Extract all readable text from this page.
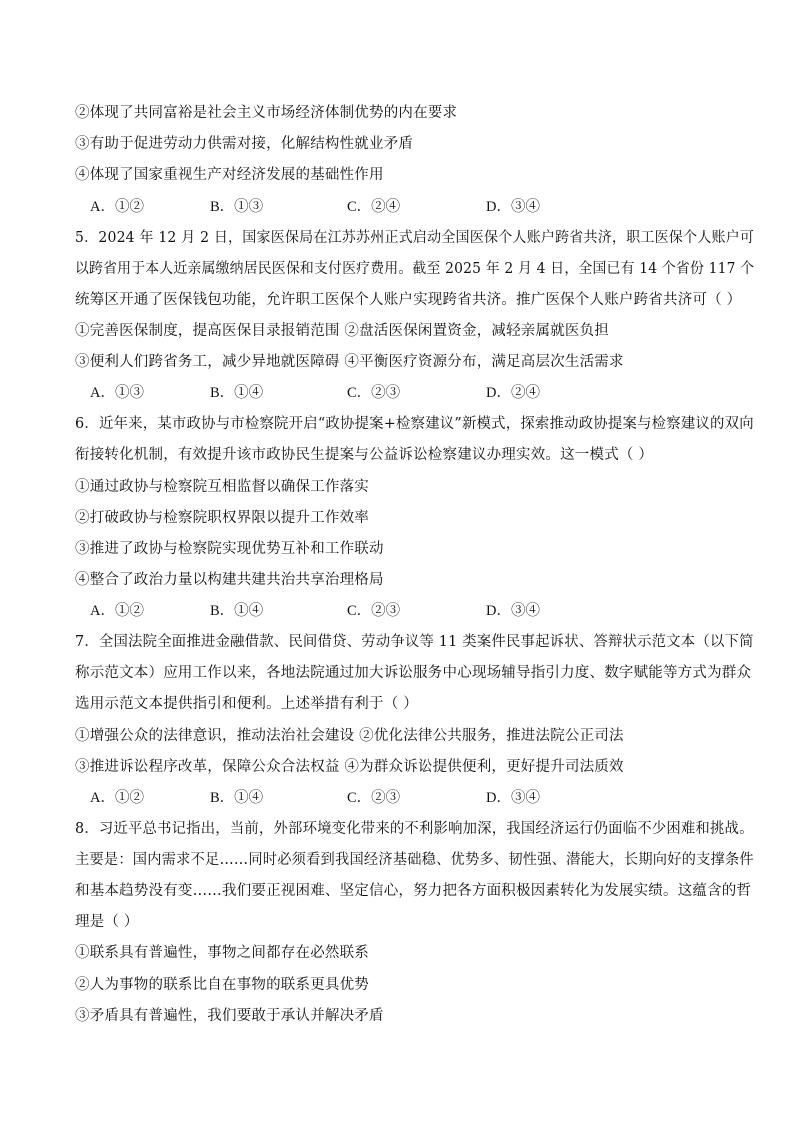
②体现了共同富裕是社会主义市场经济体制优势的内在要求
③有助于促进劳动力供需对接，化解结构性就业矛盾
④体现了国家重视生产对经济发展的基础性作用
A．①②	B．①③	C．②④	D．③④
5．2024 年 12 月 2 日，国家医保局在江苏苏州正式启动全国医保个人账户跨省共济，职工医保个人账户可
以跨省用于本人近亲属缴纳居民医保和支付医疗费用。截至 2025 年 2 月 4 日，全国已有 14 个省份 117 个
统筹区开通了医保钱包功能，允许职工医保个人账户实现跨省共济。推广医保个人账户跨省共济可（ ）
①完善医保制度，提高医保目录报销范围 ②盘活医保闲置资金，减轻亲属就医负担
③便利人们跨省务工，减少异地就医障碍 ④平衡医疗资源分布，满足高层次生活需求
A．①③	B．①④	C．②③	D．②④
6．近年来，某市政协与市检察院开启“政协提案+检察建议”新模式，探索推动政协提案与检察建议的双向
衔接转化机制，有效提升该市政协民生提案与公益诉讼检察建议办理实效。这一模式（ ）
①通过政协与检察院互相监督以确保工作落实
②打破政协与检察院职权界限以提升工作效率
③推进了政协与检察院实现优势互补和工作联动
④整合了政治力量以构建共建共治共享治理格局
A．①②	B．①④	C．②③	D．③④
7．全国法院全面推进金融借款、民间借贷、劳动争议等 11 类案件民事起诉状、答辩状示范文本（以下简
称示范文本）应用工作以来，各地法院通过加大诉讼服务中心现场辅导指引力度、数字赋能等方式为群众
选用示范文本提供指引和便利。上述举措有利于（ ）
①增强公众的法律意识，推动法治社会建设 ②优化法律公共服务，推进法院公正司法
③推进诉讼程序改革，保障公众合法权益 ④为群众诉讼提供便利，更好提升司法质效
A．①②	B．①④	C．②③	D．③④
8．习近平总书记指出，当前，外部环境变化带来的不利影响加深，我国经济运行仍面临不少困难和挑战。
主要是：国内需求不足……同时必须看到我国经济基础稳、优势多、韧性强、潜能大，长期向好的支撑条件
和基本趋势没有变……我们要正视困难、坚定信心，努力把各方面积极因素转化为发展实绩。这蕴含的哲
理是（ ）
①联系具有普遍性，事物之间都存在必然联系
②人为事物的联系比自在事物的联系更具优势
③矛盾具有普遍性，我们要敢于承认并解决矛盾
